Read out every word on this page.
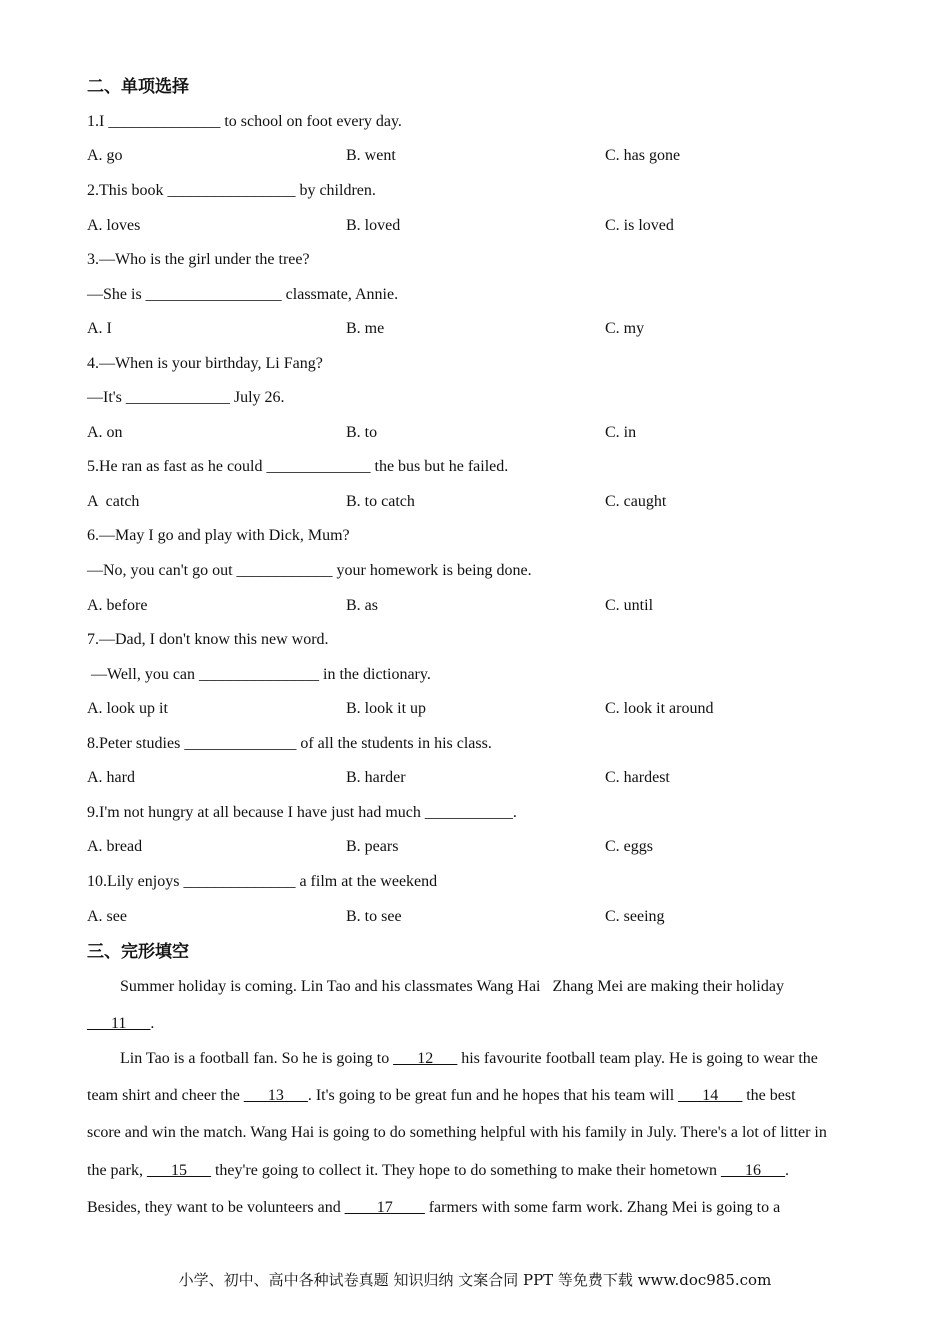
二、单项选择
1.I ______________ to school on foot every day.
A. go	B. went	C. has gone
2.This book ________________ by children.
A. loves	B. loved	C. is loved
3.—Who is the girl under the tree?
—She is _________________ classmate, Annie.
A. I	B. me	C. my
4.—When is your birthday, Li Fang?
—It's _____________ July 26.
A. on	B. to	C. in
5.He ran as fast as he could _____________ the bus but he failed.
A  catch	B. to catch	C. caught
6.—May I go and play with Dick, Mum?
—No, you can't go out ____________ your homework is being done.
A. before	B. as	C. until
7.—Dad, I don't know this new word.
—Well, you can _______________ in the dictionary.
A. look up it	B. look it up	C. look it around
8.Peter studies ______________ of all the students in his class.
A. hard	B. harder	C. hardest
9.I'm not hungry at all because I have just had much ___________.
A. bread	B. pears	C. eggs
10.Lily enjoys ______________ a film at the weekend
A. see	B. to see	C. seeing
三、完形填空
Summer holiday is coming. Lin Tao and his classmates Wang Hai   Zhang Mei are making their holiday
___11___.
Lin Tao is a football fan. So he is going to ___12___ his favourite football team play. He is going to wear the
team shirt and cheer the ___13___. It's going to be great fun and he hopes that his team will ___14___ the best
score and win the match. Wang Hai is going to do something helpful with his family in July. There's a lot of litter in
the park, ___15___ they're going to collect it. They hope to do something to make their hometown ___16___.
Besides, they want to be volunteers and ____17____ farmers with some farm work. Zhang Mei is going to a
小学、初中、高中各种试卷真题 知识归纳 文案合同 PPT 等免费下载 www.doc985.com
